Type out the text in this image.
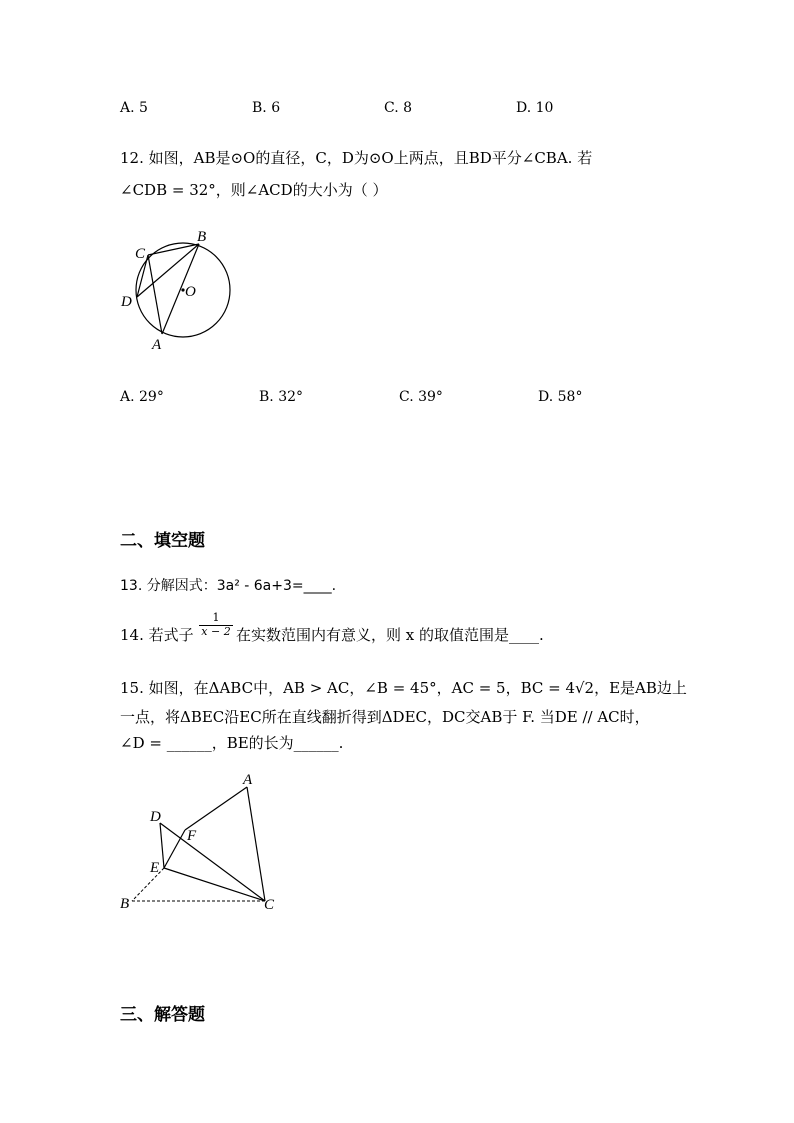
A. 5	B. 6	C. 8	D. 10
12. 如图，AB是⊙O的直径，C，D为⊙O上两点，且BD平分∠CBA. 若
∠CDB = 32°，则∠ACD的大小为（ ）
B
C
D
O
A
A. 29°	B. 32°	C. 39°	D. 58°
二、填空题
13. 分解因式：3a² - 6a+3=____.
14. 若式子
1
x − 2 在实数范围内有意义，则 x 的取值范围是____.
15. 如图，在ΔABC中，AB > AC，∠B = 45°，AC = 5，BC = 4√2，E是AB边上
一点，将ΔBEC沿EC所在直线翻折得到ΔDEC，DC交AB于 F. 当DE // AC时，
∠D = ______，BE的长为______.
A
D
F
E
B	C
三、解答题
